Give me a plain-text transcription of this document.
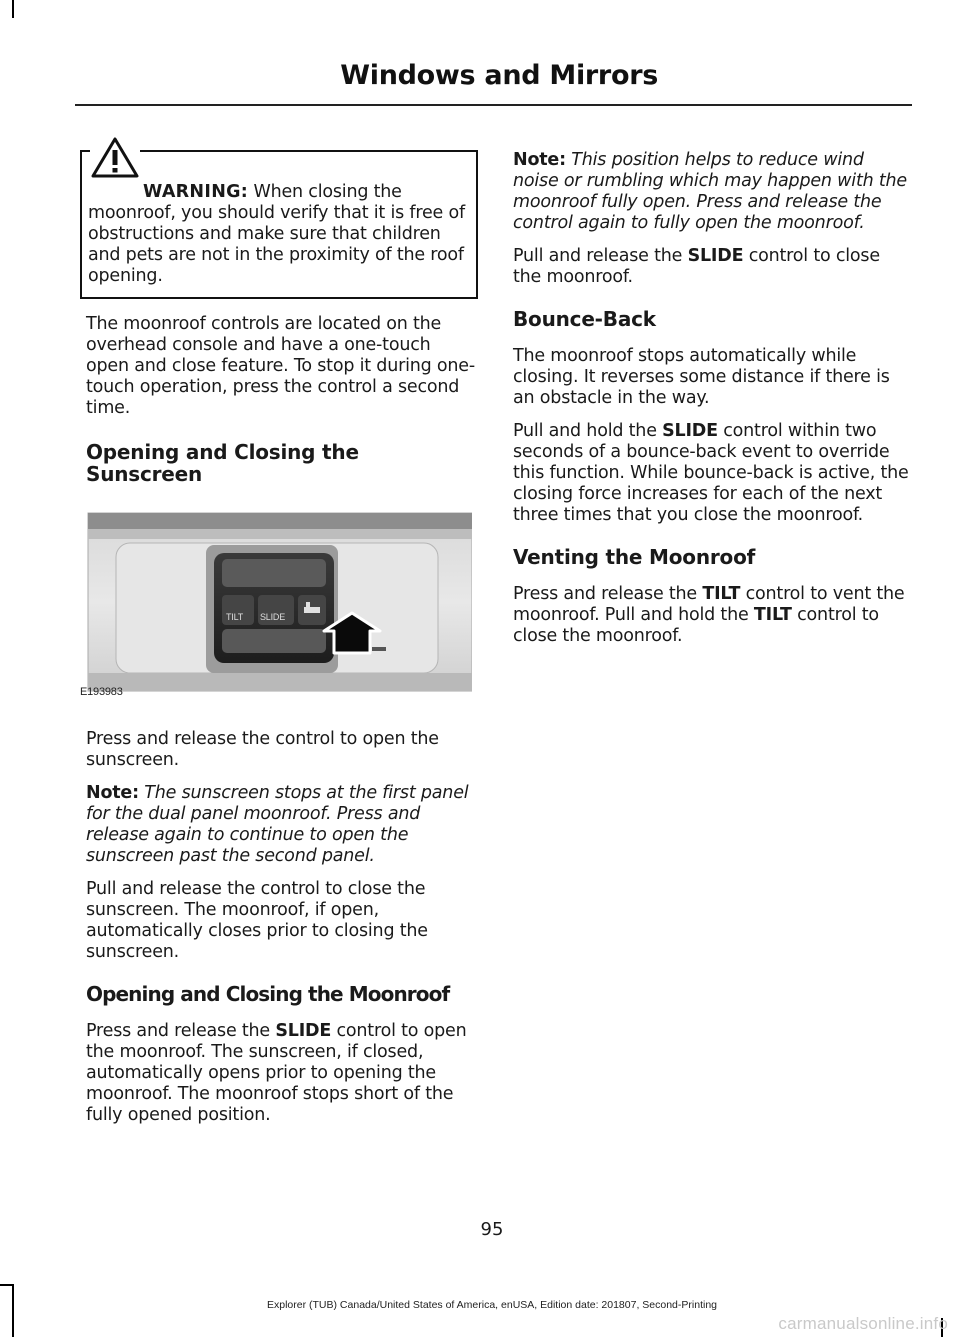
Windows and Mirrors

WARNING: When closing the moonroof, you should verify that it is free of obstructions and make sure that children and pets are not in the proximity of the roof opening.

The moonroof controls are located on the overhead console and have a one-touch open and close feature. To stop it during one-touch operation, press the control a second time.

Opening and Closing the Sunscreen
TILT SLIDE
E193983

Press and release the control to open the sunscreen.

Note: The sunscreen stops at the first panel for the dual panel moonroof. Press and release again to continue to open the sunscreen past the second panel.

Pull and release the control to close the sunscreen. The moonroof, if open, automatically closes prior to closing the sunscreen.

Opening and Closing the Moonroof

Press and release the SLIDE control to open the moonroof. The sunscreen, if closed, automatically opens prior to opening the moonroof. The moonroof stops short of the fully opened position.

Note: This position helps to reduce wind noise or rumbling which may happen with the moonroof fully open. Press and release the control again to fully open the moonroof.

Pull and release the SLIDE control to close the moonroof.

Bounce-Back

The moonroof stops automatically while closing. It reverses some distance if there is an obstacle in the way.

Pull and hold the SLIDE control within two seconds of a bounce-back event to override this function. While bounce-back is active, the closing force increases for each of the next three times that you close the moonroof.

Venting the Moonroof

Press and release the TILT control to vent the moonroof. Pull and hold the TILT control to close the moonroof.

95
Explorer (TUB) Canada/United States of America, enUSA, Edition date: 201807, Second-Printing
carmanualsonline.info
